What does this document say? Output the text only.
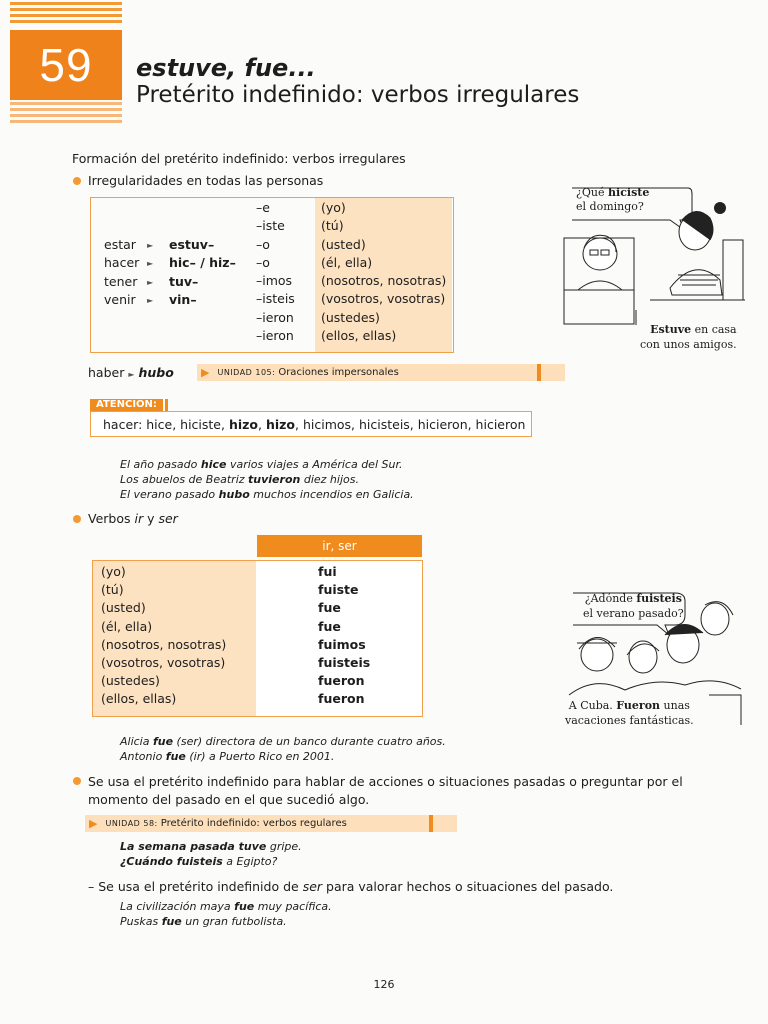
59	estuve, fue...
Pretérito indefinido: verbos irregulares
Formación del pretérito indefinido: verbos irregulares
Irregularidades en todas las personas
estar
hacer
tener
venir
►
►
►
►
estuv–
hic– / hiz–
tuv–
vin–
–e
–iste
–o
–o
–imos
–isteis
–ieron
–ieron
(yo)
(tú)
(usted)
(él, ella)
(nosotros, nosotras)
(vosotros, vosotras)
(ustedes)
(ellos, ellas)
haber ► hubo ▶ UNIDAD 105: Oraciones impersonales
ATENCIÓN:
hacer: hice, hiciste, hizo, hizo, hicimos, hicisteis, hicieron, hicieron
El año pasado hice varios viajes a América del Sur.
Los abuelos de Beatriz tuvieron diez hijos.
El verano pasado hubo muchos incendios en Galicia.
Verbos ir y ser
ir, ser
(yo)
(tú)
(usted)
(él, ella)
(nosotros, nosotras)
(vosotros, vosotras)
(ustedes)
(ellos, ellas)
fui
fuiste
fue
fue
fuimos
fuisteis
fueron
fueron
Alicia fue (ser) directora de un banco durante cuatro años.
Antonio fue (ir) a Puerto Rico en 2001.
Se usa el pretérito indefinido para hablar de acciones o situaciones pasadas o preguntar por el momento del pasado en el que sucedió algo.
▶ UNIDAD 58: Pretérito indefinido: verbos regulares
La semana pasada tuve gripe.
¿Cuándo fuisteis a Egipto?
– Se usa el pretérito indefinido de ser para valorar hechos o situaciones del pasado.
La civilización maya fue muy pacífica.
Puskas fue un gran futbolista.
126
¿Qué hiciste
el domingo?
Estuve en casa
con unos amigos.
¿Adónde fuisteis
el verano pasado?
A Cuba. Fueron unas
vacaciones fantásticas.
